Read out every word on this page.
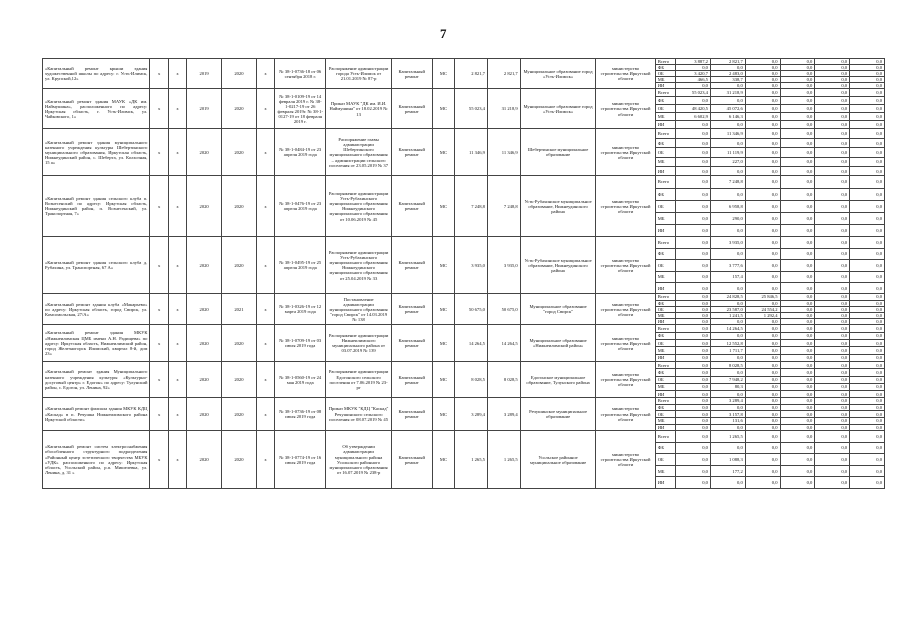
7
«Капитальный ремонт крыши здания художественной школы по адресу: г. Усть-Илимск, ул. Крупской,12»	х	х	2019	2020	х	№ 38-1-0736-18 от 06 сентября 2018 г.	Распоряжение администрации города Усть-Илимск от 21.01.2019 № 87-р	Капитальный ремонт	МС	2 821,7	2 821,7	Муниципальное образование город «Усть-Илимск»	министерство строительства Иркутской области	Всего	3 887,2	2 821,7	0,0	0,0	0,0	0,0
														ФБ	0,0	0,0	0,0	0,0	0,0	0,0
														ОБ	3 420,7	2 483,0	0,0	0,0	0,0	0,0
														МБ	466,5	338,7	0,0	0,0	0,0	0,0
														ИИ	0,0	0,0	0,0	0,0	0,0	0,0
«Капитальный ремонт здания МАУК «ДК им. Наймушина», расположенного по адресу: Иркутская область, г. Усть-Илимск, ул. Чайковского, 1»	х	х	2019	2020	х	№ 38-1-0109-19 от 14 февраля 2019 г. № 38-1-0217-19 от 26 февраля 2019г. № 38-1-0127-19 от 18 февраля 2019 г.	Приказ МАУК "ДК им. И.И. Наймушина" от 18.02.2019 № 13	Капитальный ремонт	МС	55 023,4	31 218,9	Муниципальное образование город «Усть-Илимск»	министерство строительства Иркутской области	Всего	55 023,4	31 218,9	0,0	0,0	0,0	0,0
														ФБ	0,0	0,0	0,0	0,0	0,0	0,0
														ОБ	48 420,5	45 072,6	0,0	0,0	0,0	0,0
														МБ	6 602,9	6 146,3	0,0	0,0	0,0	0,0
														ИИ	0,0	0,0	0,0	0,0	0,0	0,0
«Капитальный ремонт здания муниципального казенного учреждения культуры Шебертинского муниципального образования, Иркутская область, Нижнеудинский район, с. Шеберта, ул. Колхозная, 15 а»	х	х	2020	2020	х	№ 38-1-0484-19 от 23 апреля 2019 года	Распоряжение главы администрации Шебертинского муниципального образования – администрации сельского поселения от 23.05.2019 № 37	Капитальный ремонт	МС	11 346,9	11 346,9	Шебертинское муниципальное образование	министерство строительства Иркутской области	Всего	0,0	11 346,9	0,0	0,0	0,0	0,0
														ФБ	0,0	0,0	0,0	0,0	0,0	0,0
														ОБ	0,0	11 119,9	0,0	0,0	0,0	0,0
														МБ	0,0	227,0	0,0	0,0	0,0	0,0
														ИИ	0,0	0,0	0,0	0,0	0,0	0,0
«Капитальный ремонт здания сельского клуба п. Вознесенский по адресу: Иркутская область, Нижнеудинский район, п. Вознесенский, ул. Транспортная, 7»	х	х	2020	2020	х	№ 38-1-0476-19 от 23 апреля 2019 года	Распоряжение администрации Усть-Рубахинского муниципального образования Нижнеудинского муниципального образования от 10.06.2019 № 45	Капитальный ремонт	МС	7 248,8	7 248,8	Усть-Рубахинское муниципальное образование, Нижнеудинского района	министерство строительства Иркутской области	Всего	0,0	7 248,8	0,0	0,0	0,0	0,0
														ФБ	0,0	0,0	0,0	0,0	0,0	0,0
														ОБ	0,0	6 958,8	0,0	0,0	0,0	0,0
														МБ	0,0	290,0	0,0	0,0	0,0	0,0
														ИИ	0,0	0,0	0,0	0,0	0,0	0,0
«Капитальный ремонт здания сельского клуба д. Рубахина, ул. Транспортная, 67 А»	х	х	2020	2020	х	№ 38-1-0495-19 от 25 апреля 2019 года	Распоряжение администрации Усть-Рубахинского муниципального образования Нижнеудинского муниципального образования от 25.04.2019 № 33	Капитальный ремонт	МС	3 935,0	3 935,0	Усть-Рубахинское муниципальное образование, Нижнеудинского района	министерство строительства Иркутской области	Всего	0,0	3 935,0	0,0	0,0	0,0	0,0
														ФБ	0,0	0,0	0,0	0,0	0,0	0,0
														ОБ	0,0	3 777,6	0,0	0,0	0,0	0,0
														МБ	0,0	157,4	0,0	0,0	0,0	0,0
														ИИ	0,0	0,0	0,0	0,0	0,0	0,0
«Капитальный ремонт здания клуба «Макарьево» по адресу: Иркутская область, город Свирск, ул. Комсомольская, 27/А»	х	х	2020	2021	х	№ 38-1-0326-19 от 12 марта 2019 года	Постановление администрации муниципального образования "город Свирск" от 14.03.2019 № 138	Капитальный ремонт	МС	50 675,0	50 675,0	Муниципальное образование "город Свирск"	министерство строительства Иркутской области	Всего	0,0	24 828,5	25 846,5	0,0	0,0	0,0
														ФБ	0,0	0,0	0,0	0,0	0,0	0,0
														ОБ	0,0	23 587,0	24 554,2	0,0	0,0	0,0
														МБ	0,0	1 241,5	1 292,4	0,0	0,0	0,0
														ИИ	0,0	0,0	0,0	0,0	0,0	0,0
«Капитальный ремонт здания МКУК «Нижнеилимская ЦМБ имени А.Н. Радищева» по адресу: Иркутская область, Нижнеилимский район, город Железногорск Илимский, квартал 8-й, дом 23»	х	х	2020	2020	х	№ 38-1-0709-19 от 03 июля 2019 года	Распоряжение администрации Нижнеилимского муниципального района от 03.07.2019 № 139	Капитальный ремонт	МС	14 264,5	14 264,5	Муниципальное образование «Нижнеилимский район»	министерство строительства Иркутской области	Всего	0,0	14 264,5	0,0	0,0	0,0	0,0
														ФБ	0,0	0,0	0,0	0,0	0,0	0,0
														ОБ	0,0	12 552,8	0,0	0,0	0,0	0,0
														МБ	0,0	1 711,7	0,0	0,0	0,0	0,0
														ИИ	0,0	0,0	0,0	0,0	0,0	0,0
«Капитальный ремонт здания Муниципального казенного учреждения культуры «Культурно-досуговый центр» г. Едогон» по адресу: Тулунский район, с. Едогон, ул. Ленина, 92»	х	х	2020	2020	х	№ 38-1-0560-19 от 24 мая 2019 года	Распоряжение администрации Едогонского сельского поселения от 7.06.2019 № 23-рг	Капитальный ремонт	МС	8 028,5	8 028,5	Едогонское муниципальное образование, Тулунского района	министерство строительства Иркутской области	Всего	0,0	8 028,5	0,0	0,0	0,0	0,0
														ФБ	0,0	0,0	0,0	0,0	0,0	0,0
														ОБ	0,0	7 948,2	0,0	0,0	0,0	0,0
														МБ	0,0	80,3	0,0	0,0	0,0	0,0
														ИИ	0,0	0,0	0,0	0,0	0,0	0,0
«Капитальный ремонт филиала здания МКУК КДЦ «Каскад» в п. Речушка Нижнеилимского района Иркутской области»	х	х	2020	2020	х	№ 38-1-0736-19 от 08 июля 2019 года	Приказ МКУК "КДЦ "Каскад" Речушинского сельского поселения от 08.07.2019 № 45	Капитальный ремонт	МС	3 289,4	3 289,4	Речушинское муниципальное образование	министерство строительства Иркутской области	Всего	0,0	3 289,4	0,0	0,0	0,0	0,0
														ФБ	0,0	0,0	0,0	0,0	0,0	0,0
														ОБ	0,0	3 157,8	0,0	0,0	0,0	0,0
														МБ	0,0	131,6	0,0	0,0	0,0	0,0
														ИИ	0,0	0,0	0,0	0,0	0,0	0,0
«Капитальный ремонт систем электроснабжения обособленного структурного подразделения «Районный центр эстетического творчества МБУК «УДК» расположенного по адресу: Иркутская область, Усольский район, р.п. Мишелевка, ул. Ленина, д. 31 »	х	х	2020	2020	х	№ 38-1-0774-19 от 16 июля 2019 года	Об утверждении администрации муниципального района Усольского районного муниципального образования от 16.07.2019 № 238-р	Капитальный ремонт	МС	1 265,5	1 265,5	Усольское районное муниципальное образование	министерство строительства Иркутской области	Всего	0,0	1 265,5	0,0	0,0	0,0	0,0
														ФБ	0,0	0,0	0,0	0,0	0,0	0,0
														ОБ	0,0	1 088,3	0,0	0,0	0,0	0,0
														МБ	0,0	177,2	0,0	0,0	0,0	0,0
														ИИ	0,0	0,0	0,0	0,0	0,0	0,0
